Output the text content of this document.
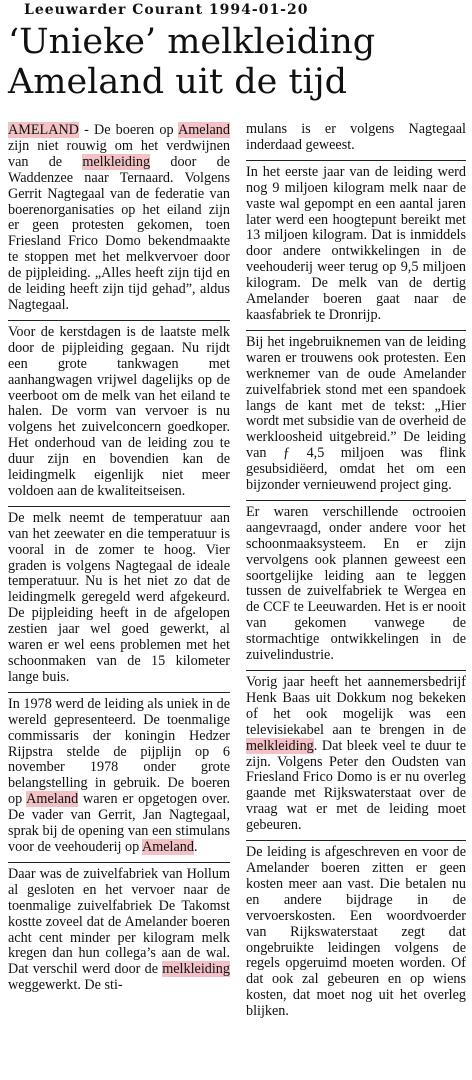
Leeuwarder Courant 1994-01-20
‘Unieke’ melkleiding
Ameland uit de tijd

AMELAND - De boeren op Ameland zijn niet rouwig om het verdwijnen van de melkleiding door de Waddenzee naar Ternaard. Volgens Gerrit Nagtegaal van de federatie van boerenorganisaties op het eiland zijn er geen protesten gekomen, toen Friesland Frico Domo bekendmaakte te stoppen met het melkvervoer door de pijpleiding. „Alles heeft zijn tijd en de leiding heeft zijn tijd gehad”, aldus Nagtegaal.

Voor de kerstdagen is de laatste melk door de pijpleiding gegaan. Nu rijdt een grote tankwagen met aanhangwagen vrijwel dagelijks op de veerboot om de melk van het eiland te halen. De vorm van vervoer is nu volgens het zuivelconcern goedkoper. Het onderhoud van de leiding zou te duur zijn en bovendien kan de leidingmelk eigenlijk niet meer voldoen aan de kwaliteitseisen.

De melk neemt de temperatuur aan van het zeewater en die temperatuur is vooral in de zomer te hoog. Vier graden is volgens Nagtegaal de ideale temperatuur. Nu is het niet zo dat de leidingmelk geregeld werd afgekeurd. De pijpleiding heeft in de afgelopen zestien jaar wel goed gewerkt, al waren er wel eens problemen met het schoonmaken van de 15 kilometer lange buis.

In 1978 werd de leiding als uniek in de wereld gepresenteerd. De toenmalige commissaris der koningin Hedzer Rijpstra stelde de pijplijn op 6 november 1978 onder grote belangstelling in gebruik. De boeren op Ameland waren er opgetogen over. De vader van Gerrit, Jan Nagtegaal, sprak bij de opening van een stimulans voor de veehouderij op Ameland.

Daar was de zuivelfabriek van Hollum al gesloten en het vervoer naar de toenmalige zuivelfabriek De Takomst kostte zoveel dat de Amelander boeren acht cent minder per kilogram melk kregen dan hun collega’s aan de wal. Dat verschil werd door de melkleiding weggewerkt. De sti-

mulans is er volgens Nagtegaal inderdaad geweest.

In het eerste jaar van de leiding werd nog 9 miljoen kilogram melk naar de vaste wal gepompt en een aantal jaren later werd een hoogtepunt bereikt met 13 miljoen kilogram. Dat is inmiddels door andere ontwikkelingen in de veehouderij weer terug op 9,5 miljoen kilogram. De melk van de dertig Amelander boeren gaat naar de kaasfabriek te Dronrijp.

Bij het ingebruiknemen van de leiding waren er trouwens ook protesten. Een werknemer van de oude Amelander zuivelfabriek stond met een spandoek langs de kant met de tekst: „Hier wordt met subsidie van de overheid de werkloosheid uitgebreid.” De leiding van ƒ 4,5 miljoen was flink gesubsidiëerd, omdat het om een bijzonder vernieuwend project ging.

Er waren verschillende octrooien aangevraagd, onder andere voor het schoonmaaksysteem. En er zijn vervolgens ook plannen geweest een soortgelijke leiding aan te leggen tussen de zuivelfabriek te Wergea en de CCF te Leeuwarden. Het is er nooit van gekomen vanwege de stormachtige ontwikkelingen in de zuivelindustrie.

Vorig jaar heeft het aannemersbedrijf Henk Baas uit Dokkum nog bekeken of het ook mogelijk was een televisiekabel aan te brengen in de melkleiding. Dat bleek veel te duur te zijn. Volgens Peter den Oudsten van Friesland Frico Domo is er nu overleg gaande met Rijkswaterstaat over de vraag wat er met de leiding moet gebeuren.

De leiding is afgeschreven en voor de Amelander boeren zitten er geen kosten meer aan vast. Die betalen nu en andere bijdrage in de vervoerskosten. Een woordvoerder van Rijkswaterstaat zegt dat ongebruikte leidingen volgens de regels opgeruimd moeten worden. Of dat ook zal gebeuren en op wiens kosten, dat moet nog uit het overleg blijken.
